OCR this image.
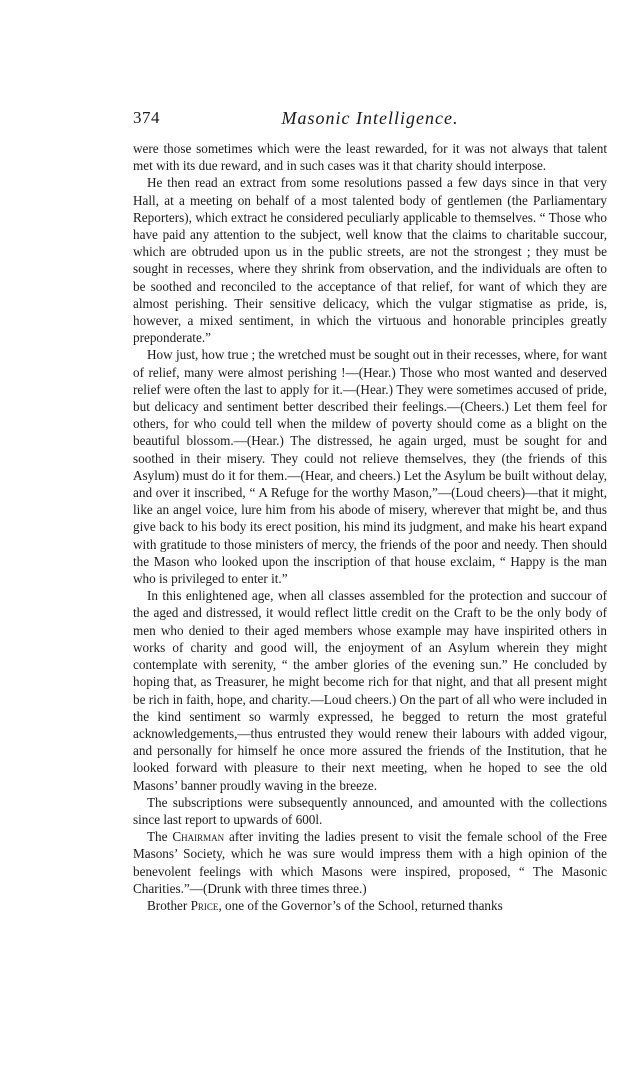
374	Masonic Intelligence.

were those sometimes which were the least rewarded, for it was not always that talent met with its due reward, and in such cases was it that charity should interpose.

He then read an extract from some resolutions passed a few days since in that very Hall, at a meeting on behalf of a most talented body of gentlemen (the Parliamentary Reporters), which extract he considered peculiarly applicable to themselves. “ Those who have paid any attention to the subject, well know that the claims to charitable succour, which are obtruded upon us in the public streets, are not the strongest ; they must be sought in recesses, where they shrink from observation, and the individuals are often to be soothed and reconciled to the acceptance of that relief, for want of which they are almost perishing. Their sensitive delicacy, which the vulgar stigmatise as pride, is, however, a mixed sentiment, in which the virtuous and honorable principles greatly preponderate.”

How just, how true ; the wretched must be sought out in their recesses, where, for want of relief, many were almost perishing !—(Hear.) Those who most wanted and deserved relief were often the last to apply for it.—(Hear.) They were sometimes accused of pride, but delicacy and sentiment better described their feelings.—(Cheers.) Let them feel for others, for who could tell when the mildew of poverty should come as a blight on the beautiful blossom.—(Hear.) The distressed, he again urged, must be sought for and soothed in their misery. They could not relieve themselves, they (the friends of this Asylum) must do it for them.—(Hear, and cheers.) Let the Asylum be built without delay, and over it inscribed, “ A Refuge for the worthy Mason,”—(Loud cheers)—that it might, like an angel voice, lure him from his abode of misery, wherever that might be, and thus give back to his body its erect position, his mind its judgment, and make his heart expand with gratitude to those ministers of mercy, the friends of the poor and needy. Then should the Mason who looked upon the inscription of that house exclaim, “ Happy is the man who is privileged to enter it.”

In this enlightened age, when all classes assembled for the protection and succour of the aged and distressed, it would reflect little credit on the Craft to be the only body of men who denied to their aged members whose example may have inspirited others in works of charity and good will, the enjoyment of an Asylum wherein they might contemplate with serenity, “ the amber glories of the evening sun.” He concluded by hoping that, as Treasurer, he might become rich for that night, and that all present might be rich in faith, hope, and charity.—Loud cheers.) On the part of all who were included in the kind sentiment so warmly expressed, he begged to return the most grateful acknowledgements,—thus entrusted they would renew their labours with added vigour, and personally for himself he once more assured the friends of the Institution, that he looked forward with pleasure to their next meeting, when he hoped to see the old Masons’ banner proudly waving in the breeze.

The subscriptions were subsequently announced, and amounted with the collections since last report to upwards of 600l.

The Chairman after inviting the ladies present to visit the female school of the Free Masons’ Society, which he was sure would impress them with a high opinion of the benevolent feelings with which Masons were inspired, proposed, “ The Masonic Charities.”—(Drunk with three times three.)

Brother Price, one of the Governor’s of the School, returned thanks
